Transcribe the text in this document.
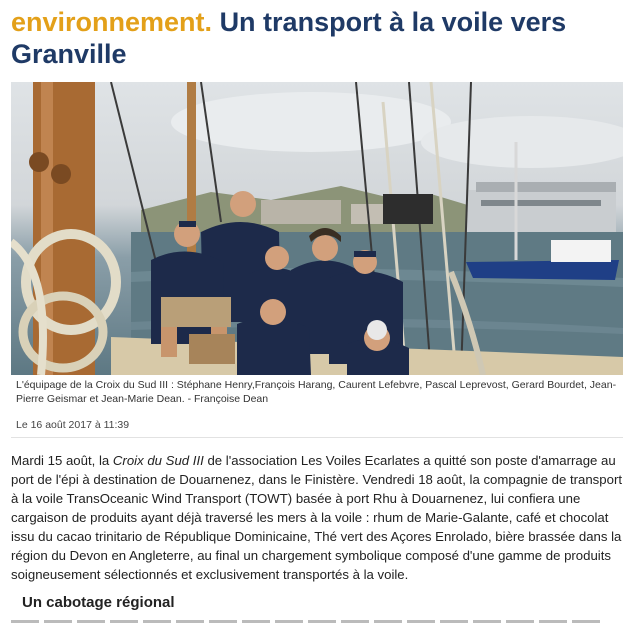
environnement. Un transport à la voile vers Granville

L'équipage de la Croix du Sud III : Stéphane Henry,François Harang, Caurent Lefebvre, Pascal Leprevost, Gerard Bourdet, Jean-Pierre Geismar et Jean-Marie Dean. - Françoise Dean

Le 16 août 2017 à 11:39

Mardi 15 août, la Croix du Sud III de l'association Les Voiles Ecarlates a quitté son poste d'amarrage au port de l'épi à destination de Douarnenez, dans le Finistère. Vendredi 18 août, la compagnie de transport à la voile TransOceanic Wind Transport (TOWT) basée à port Rhu à Douarnenez, lui confiera une cargaison de produits ayant déjà traversé les mers à la voile : rhum de Marie-Galante, café et chocolat issu du cacao trinitario de République Dominicaine, Thé vert des Açores Enrolado, bière brassée dans la région du Devon en Angleterre, au final un chargement symbolique composé d'une gamme de produits soigneusement sélectionnés et exclusivement transportés à la voile.

Un cabotage régional
